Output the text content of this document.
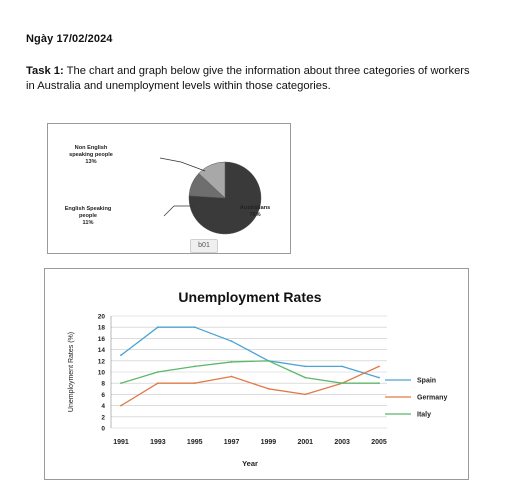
Ngày 17/02/2024
Task 1: The chart and graph below give the information about three categories of workers in Australia and unemployment levels within those categories.
Australians
76%
English Speaking
people
11%
Non English
speaking people
13%
b01
Unemployment Rates
0
2
4
6
8
10
12
14
16
18
20
Unemployment Rates (%)
1991	1993	1995	1997	1999	2001	2003	2005
Year
Spain
Germany
Italy
